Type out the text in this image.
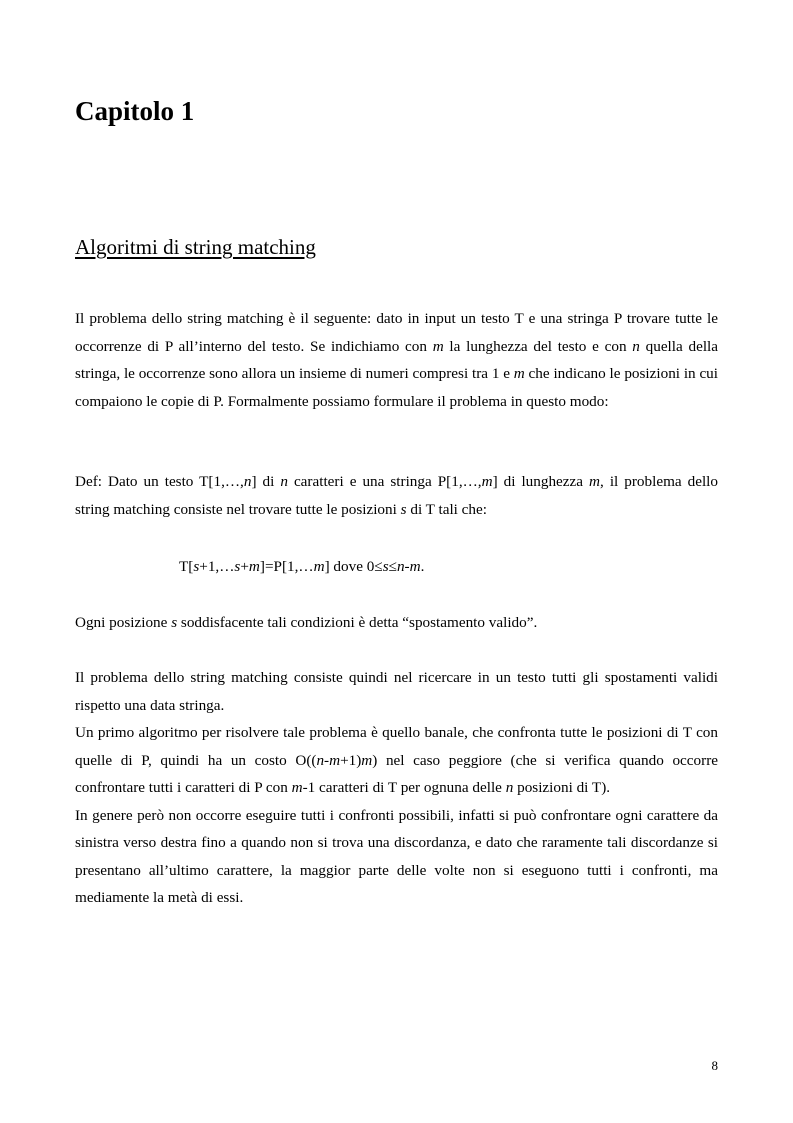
Capitolo 1
Algoritmi di string matching

Il problema dello string matching è il seguente: dato in input un testo T e una stringa P trovare tutte le occorrenze di P all’interno del testo. Se indichiamo con m la lunghezza del testo e con n quella della stringa, le occorrenze sono allora un insieme di numeri compresi tra 1 e m che indicano le posizioni in cui compaiono le copie di P. Formalmente possiamo formulare il problema in questo modo:

Def: Dato un testo T[1,…,n] di n caratteri e una stringa P[1,…,m] di lunghezza m, il problema dello string matching consiste nel trovare tutte le posizioni s di T tali che:

T[s+1,…s+m]=P[1,…m] dove 0≤s≤n-m.

Ogni posizione s soddisfacente tali condizioni è detta “spostamento valido”.

Il problema dello string matching consiste quindi nel ricercare in un testo tutti gli spostamenti validi rispetto una data stringa.
Un primo algoritmo per risolvere tale problema è quello banale, che confronta tutte le posizioni di T con quelle di P, quindi ha un costo O((n-m+1)m) nel caso peggiore (che si verifica quando occorre confrontare tutti i caratteri di P con m-1 caratteri di T per ognuna delle n posizioni di T).
In genere però non occorre eseguire tutti i confronti possibili, infatti si può confrontare ogni carattere da sinistra verso destra fino a quando non si trova una discordanza, e dato che raramente tali discordanze si presentano all’ultimo carattere, la maggior parte delle volte non si eseguono tutti i confronti, ma mediamente la metà di essi.
8
